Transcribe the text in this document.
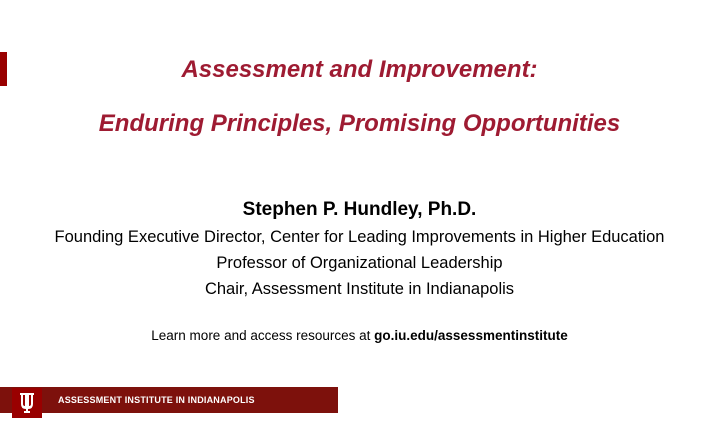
Assessment and Improvement:
Enduring Principles, Promising Opportunities
Stephen P. Hundley, Ph.D.
Founding Executive Director, Center for Leading Improvements in Higher Education
Professor of Organizational Leadership
Chair, Assessment Institute in Indianapolis
Learn more and access resources at go.iu.edu/assessmentinstitute
ASSESSMENT INSTITUTE IN INDIANAPOLIS
